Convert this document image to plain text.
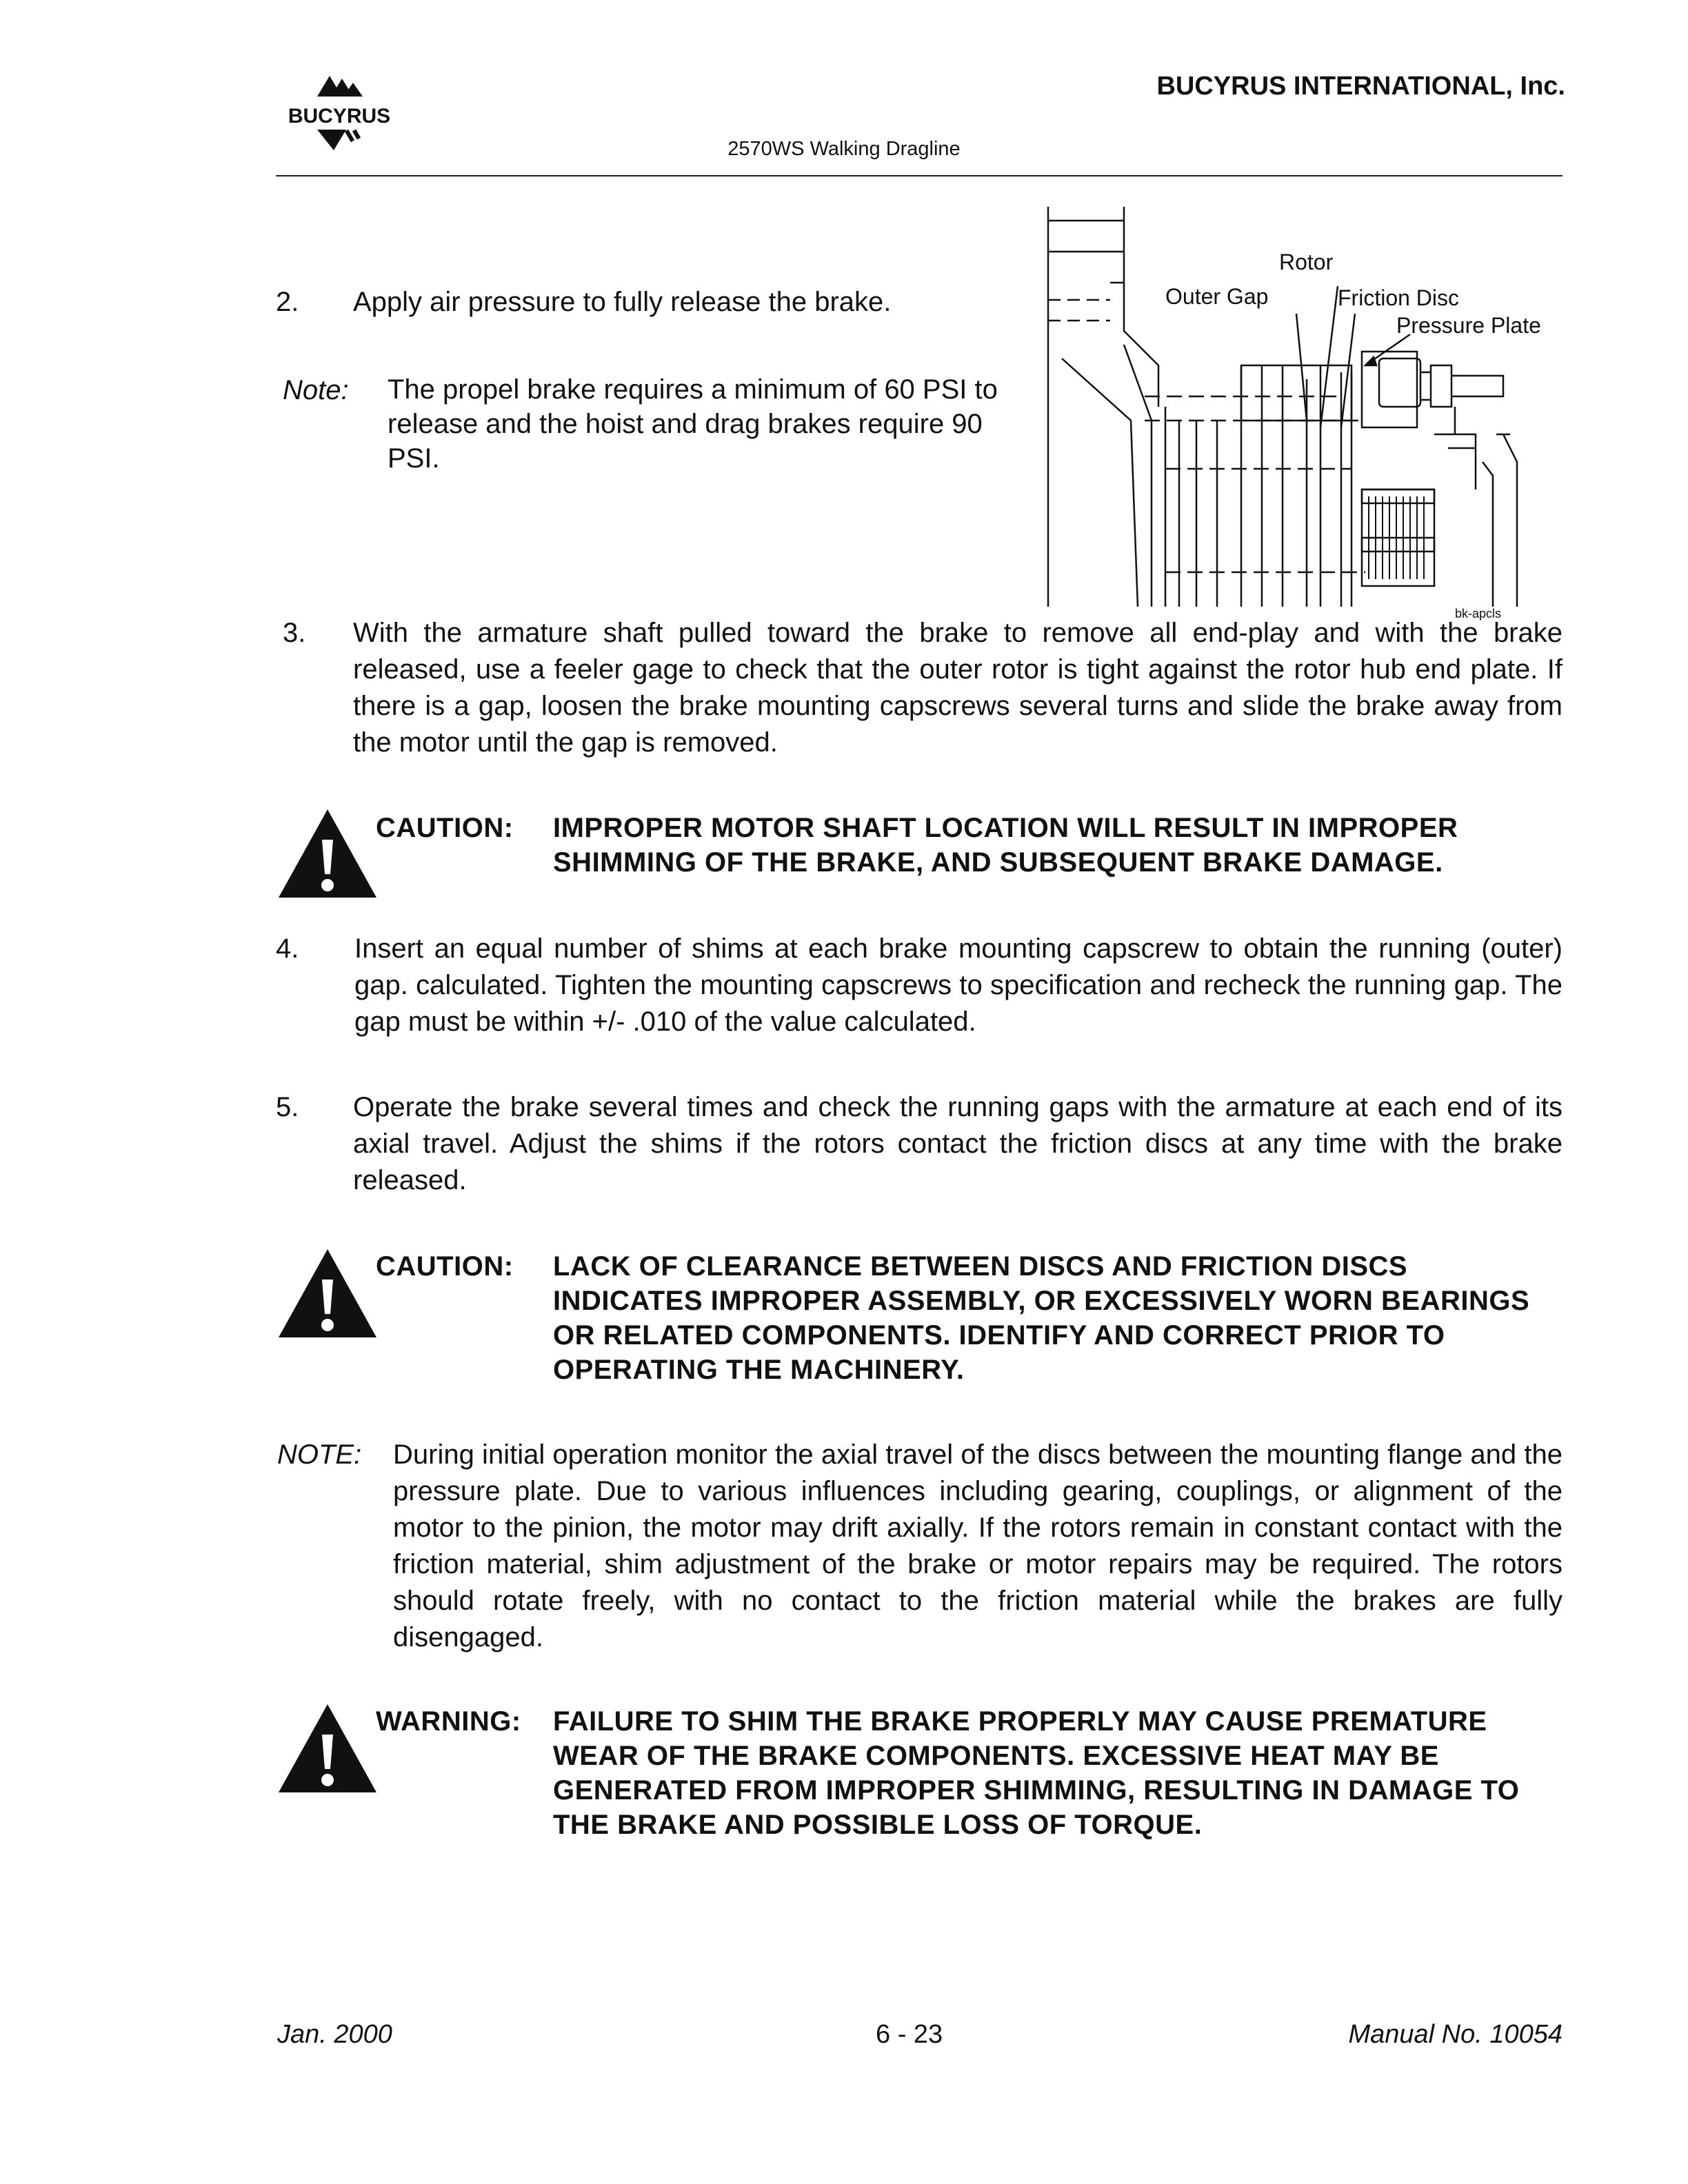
BUCYRUS
BUCYRUS INTERNATIONAL, Inc.
2570WS Walking Dragline
2. Apply air pressure to fully release the brake.
Note: The propel brake requires a minimum of 60 PSI to release and the hoist and drag brakes require 90 PSI.
Rotor
Outer Gap	Friction Disc
Pressure Plate
bk-apcls
3. With the armature shaft pulled toward the brake to remove all end-play and with the brake released, use a feeler gage to check that the outer rotor is tight against the rotor hub end plate. If there is a gap, loosen the brake mounting capscrews several turns and slide the brake away from the motor until the gap is removed.
CAUTION: IMPROPER MOTOR SHAFT LOCATION WILL RESULT IN IMPROPER SHIMMING OF THE BRAKE, AND SUBSEQUENT BRAKE DAMAGE.
4. Insert an equal number of shims at each brake mounting capscrew to obtain the running (outer) gap. calculated. Tighten the mounting capscrews to specification and recheck the running gap. The gap must be within +/- .010 of the value calculated.
5. Operate the brake several times and check the running gaps with the armature at each end of its axial travel. Adjust the shims if the rotors contact the friction discs at any time with the brake released.
CAUTION: LACK OF CLEARANCE BETWEEN DISCS AND FRICTION DISCS INDICATES IMPROPER ASSEMBLY, OR EXCESSIVELY WORN BEARINGS OR RELATED COMPONENTS. IDENTIFY AND CORRECT PRIOR TO OPERATING THE MACHINERY.
NOTE: During initial operation monitor the axial travel of the discs between the mounting flange and the pressure plate. Due to various influences including gearing, couplings, or alignment of the motor to the pinion, the motor may drift axially. If the rotors remain in constant contact with the friction material, shim adjustment of the brake or motor repairs may be required. The rotors should rotate freely, with no contact to the friction material while the brakes are fully disengaged.
WARNING: FAILURE TO SHIM THE BRAKE PROPERLY MAY CAUSE PREMATURE WEAR OF THE BRAKE COMPONENTS. EXCESSIVE HEAT MAY BE GENERATED FROM IMPROPER SHIMMING, RESULTING IN DAMAGE TO THE BRAKE AND POSSIBLE LOSS OF TORQUE.
Jan. 2000	6 - 23	Manual No. 10054
